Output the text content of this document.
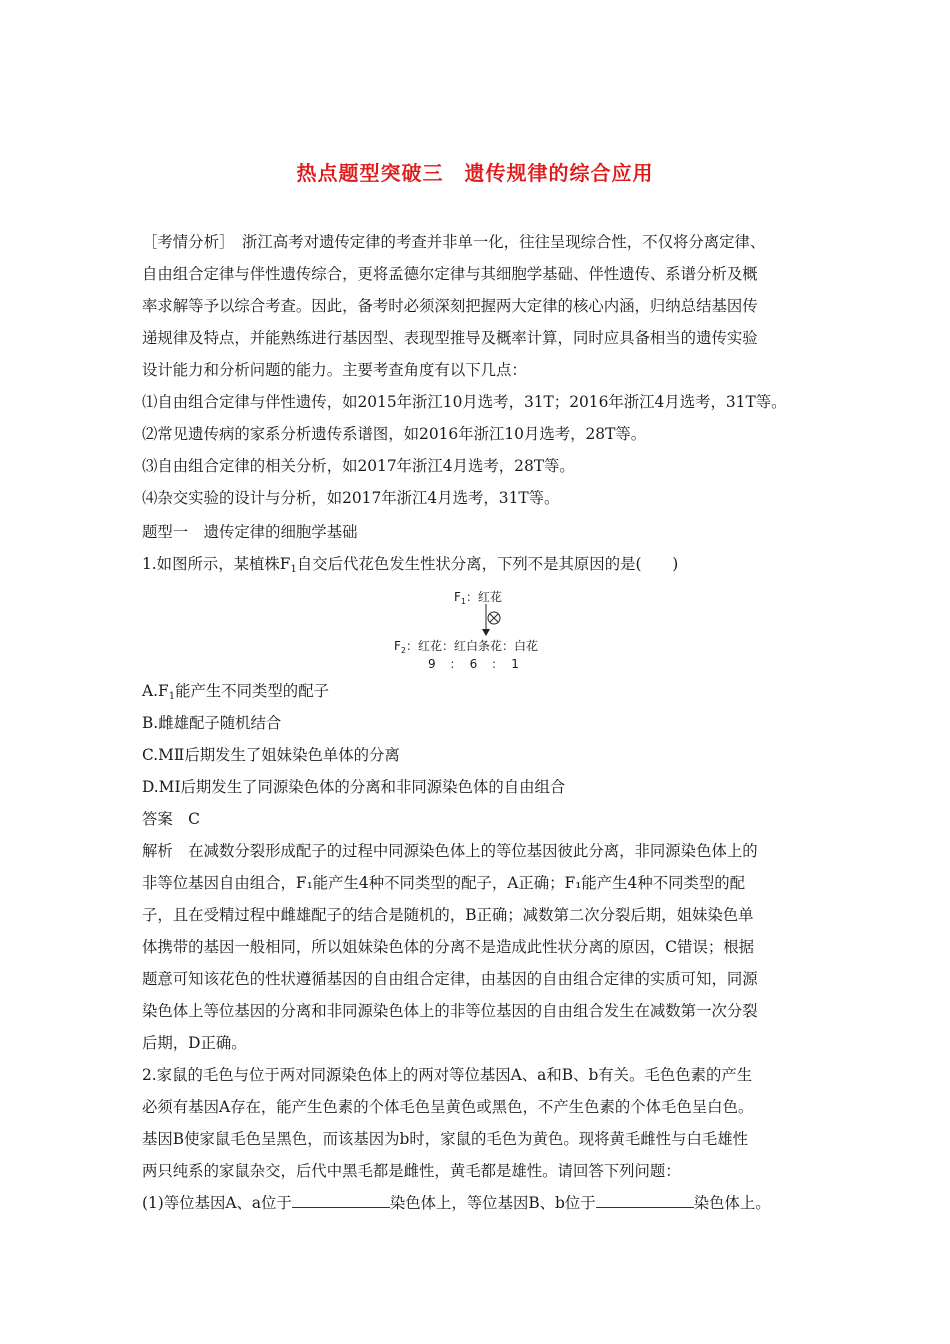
热点题型突破三　遗传规律的综合应用
［考情分析］　浙江高考对遗传定律的考查并非单一化，往往呈现综合性，不仅将分离定律、
自由组合定律与伴性遗传综合，更将孟德尔定律与其细胞学基础、伴性遗传、系谱分析及概
率求解等予以综合考查。因此，备考时必须深刻把握两大定律的核心内涵，归纳总结基因传
递规律及特点，并能熟练进行基因型、表现型推导及概率计算，同时应具备相当的遗传实验
设计能力和分析问题的能力。主要考查角度有以下几点：
⑴自由组合定律与伴性遗传，如2015年浙江10月选考，31T；2016年浙江4月选考，31T等。
⑵常见遗传病的家系分析遗传系谱图，如2016年浙江10月选考，28T等。
⑶自由组合定律的相关分析，如2017年浙江4月选考，28T等。
⑷杂交实验的设计与分析，如2017年浙江4月选考，31T等。
题型一　遗传定律的细胞学基础
1.如图所示，某植株$F_1$自交后代花色发生性状分离，下列不是其原因的是(　　)
$F_1$：红花
$F_2$：红花：红白条花：白花
9　：　6　：　1
$A.F_1$能产生不同类型的配子
B.雌雄配子随机结合
C.MⅡ后期发生了姐妹染色单体的分离
D.MⅠ后期发生了同源染色体的分离和非同源染色体的自由组合
答案　C
解析　在减数分裂形成配子的过程中同源染色体上的等位基因彼此分离，非同源染色体上的
非等位基因自由组合，F₁能产生4种不同类型的配子，A正确；F₁能产生4种不同类型的配
子，且在受精过程中雌雄配子的结合是随机的，B正确；减数第二次分裂后期，姐妹染色单
体携带的基因一般相同，所以姐妹染色体的分离不是造成此性状分离的原因，C错误；根据
题意可知该花色的性状遵循基因的自由组合定律，由基因的自由组合定律的实质可知，同源
染色体上等位基因的分离和非同源染色体上的非等位基因的自由组合发生在减数第一次分裂
后期，D正确。
2.家鼠的毛色与位于两对同源染色体上的两对等位基因A、a和B、b有关。毛色色素的产生
必须有基因A存在，能产生色素的个体毛色呈黄色或黑色，不产生色素的个体毛色呈白色。
基因B使家鼠毛色呈黑色，而该基因为b时，家鼠的毛色为黄色。现将黄毛雌性与白毛雄性
两只纯系的家鼠杂交，后代中黑毛都是雌性，黄毛都是雄性。请回答下列问题：
(1)等位基因A、a位于	染色体上，等位基因B、b位于	染色体上。
